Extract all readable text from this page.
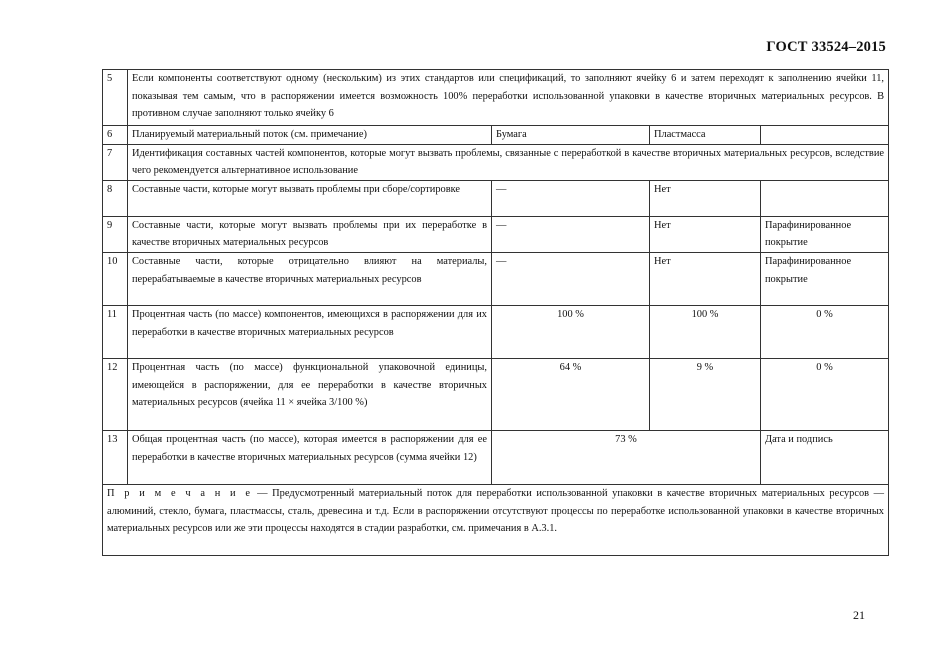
ГОСТ 33524–2015
5	Если компоненты соответствуют одному (нескольким) из этих стандартов или спецификаций, то заполняют ячейку 6 и затем переходят к заполнению ячейки 11, показывая тем самым, что в распоряжении имеется возможность 100% переработки использованной упаковки в качестве вторичных материальных ресурсов. В противном случае заполняют только ячейку 6			
6	Планируемый материальный поток (см. примечание)	Бумага	Пластмасса	
7	Идентификация составных частей компонентов, которые могут вызвать проблемы, связанные с переработкой в качестве вторичных материальных ресурсов, вследствие чего рекомендуется альтернативное использование			
8	Составные части, которые могут вызвать проблемы при сборе/сортировке	—	Нет	
9	Составные части, которые могут вызвать проблемы при их переработке в качестве вторичных материальных ресурсов	—	Нет	Парафинированное покрытие
10	Составные части, которые отрицательно влияют на материалы, перерабатываемые в качестве вторичных материальных ресурсов	—	Нет	Парафинированное покрытие
11	Процентная часть (по массе) компонентов, имеющихся в распоряжении для их переработки в качестве вторичных материальных ресурсов	100 %	100 %	0 %
12	Процентная часть (по массе) функциональной упаковочной единицы, имеющейся в распоряжении, для ее переработки в качестве вторичных материальных ресурсов (ячейка 11 × ячейка 3/100 %)	64 %	9 %	0 %
13	Общая процентная часть (по массе), которая имеется в распоряжении для ее переработки в качестве вторичных материальных ресурсов (сумма ячейки 12)	73 %		Дата и подпись
П р и м е ч а н и е — Предусмотренный материальный поток для переработки использованной упаковки в качестве вторичных материальных ресурсов — алюминий, стекло, бумага, пластмассы, сталь, древесина и т.д. Если в распоряжении отсутствуют процессы по переработке использованной упаковки в качестве вторичных материальных ресурсов или же эти процессы находятся в стадии разработки, см. примечания в А.3.1.				
21
